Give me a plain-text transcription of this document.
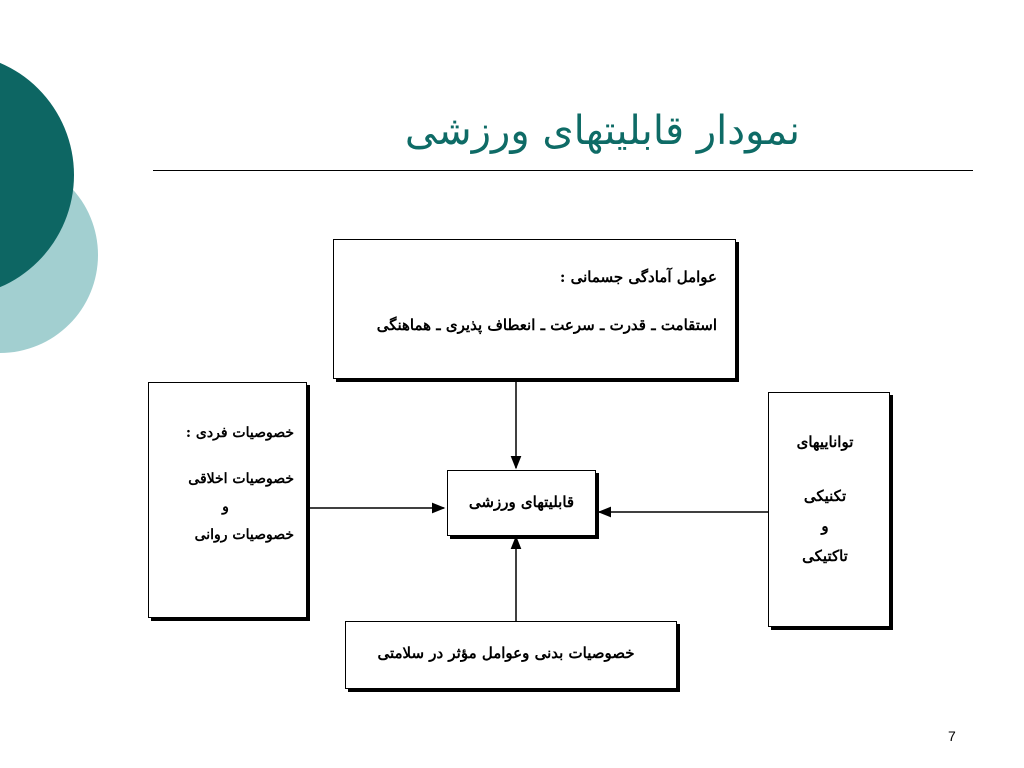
نمودار قابلیتهای ورزشی
عوامل آمادگی جسمانی :
استقامت ـ قدرت ـ سرعت ـ انعطاف پذیری ـ هماهنگی
خصوصیات فردی :
خصوصیات اخلاقی
و
خصوصیات روانی
قابلیتهای ورزشی
تواناییهای
تکنیکی
و
تاکتیکی
خصوصیات بدنی وعوامل مؤثر در سلامتی
7
